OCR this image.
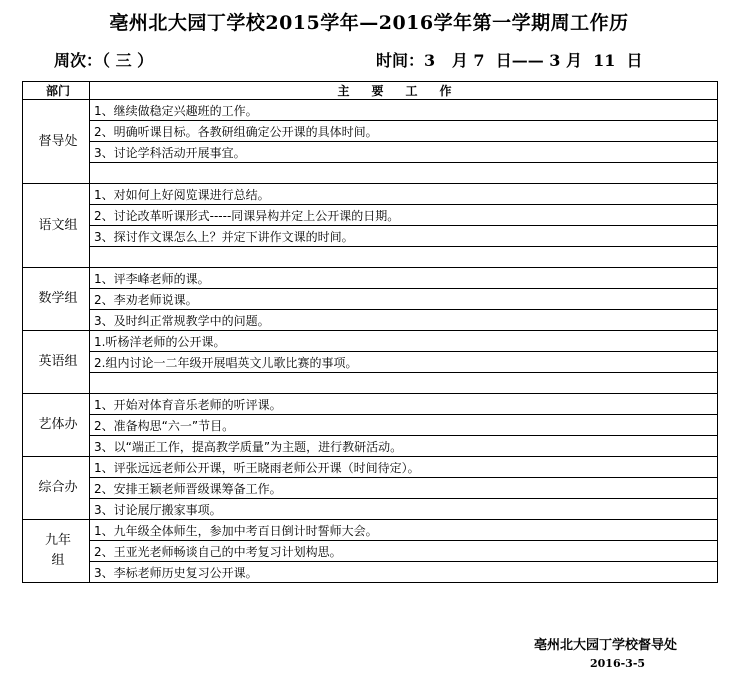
亳州北大园丁学校2015学年—2016学年第一学期周工作历
周次：（ 三 ）	时间：3   月 7  日—— 3 月  11  日
部门	主要工作
督导处	1、继续做稳定兴趣班的工作。
	2、明确听课目标。各教研组确定公开课的具体时间。
	3、讨论学科活动开展事宜。

语文组	1、对如何上好阅览课进行总结。
	2、讨论改革听课形式-----同课异构并定上公开课的日期。
	3、探讨作文课怎么上？并定下讲作文课的时间。

数学组	1、评李峰老师的课。
	2、李劝老师说课。
	3、及时纠正常规教学中的问题。
英语组	1.听杨洋老师的公开课。
	2.组内讨论一二年级开展唱英文儿歌比赛的事项。

艺体办	1、开始对体育音乐老师的听评课。
	2、准备构思“六一”节目。
	3、以“端正工作，提高教学质量”为主题，进行教研活动。
综合办	1、评张远远老师公开课，听王晓雨老师公开课（时间待定）。
	2、安排王颖老师晋级课筹备工作。
	3、讨论展厅搬家事项。
九年
组	1、九年级全体师生，参加中考百日倒计时誓师大会。
	2、王亚光老师畅谈自己的中考复习计划构思。
	3、李标老师历史复习公开课。
亳州北大园丁学校督导处
2016-3-5
